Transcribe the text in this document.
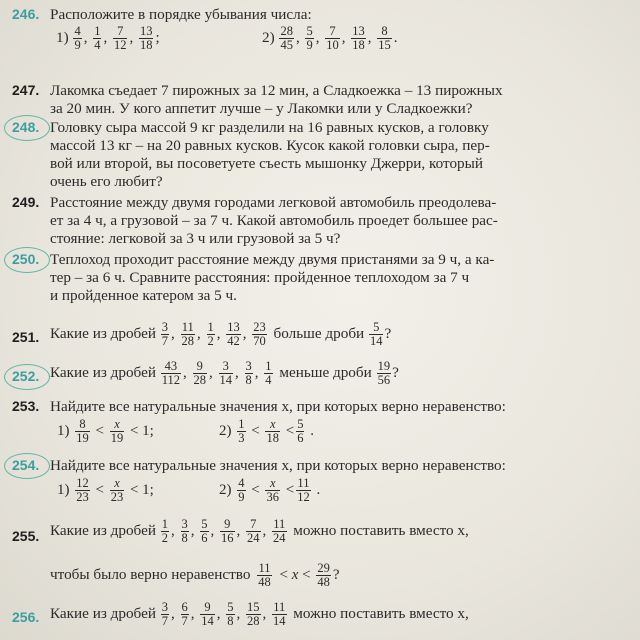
246. Расположите в порядке убывания числа:
$1) \frac{4}{9}$ , $\frac{1}{4}$ , $\frac{7}{12}$ , $\frac{13}{18}$ ;	$2) \frac{28}{45}$ , $\frac{5}{9}$ , $\frac{7}{10}$ , $\frac{13}{18}$ , $\frac{8}{15}$ .
247. Лакомка съедает 7 пирожных за 12 мин, а Сладкоежка – 13 пирожных
за 20 мин. У кого аппетит лучше – у Лакомки или у Сладкоежки?
248. Головку сыра массой 9 кг разделили на 16 равных кусков, а головку
массой 13 кг – на 20 равных кусков. Кусок какой головки сыра, пер-
вой или второй, вы посоветуете съесть мышонку Джерри, который
очень его любит?
249. Расстояние между двумя городами легковой автомобиль преодолева-
ет за 4 ч, а грузовой – за 7 ч. Какой автомобиль проедет большее рас-
стояние: легковой за 3 ч или грузовой за 5 ч?
250. Теплоход проходит расстояние между двумя пристанями за 9 ч, а ка-
тер – за 6 ч. Сравните расстояния: пройденное теплоходом за 7 ч
и пройденное катером за 5 ч.
251. Какие из дробей $\frac{3}{7}$ , $\frac{11}{28}$ , $\frac{1}{2}$ , $\frac{13}{42}$ , $\frac{23}{70}$ больше дроби $\frac{5}{14}$ ?
252. Какие из дробей $\frac{43}{112}$ , $\frac{9}{28}$ , $\frac{3}{14}$ , $\frac{3}{8}$ , $\frac{1}{4}$ меньше дроби $\frac{19}{56}$ ?
253. Найдите все натуральные значения x, при которых верно неравенство:
$1) \frac{8}{19} < \frac{x}{19} < 1$;	$2) \frac{1}{3} < \frac{x}{18} < \frac{5}{6}$ .
254. Найдите все натуральные значения x, при которых верно неравенство:
$1) \frac{12}{23} < \frac{x}{23} < 1$;	$2) \frac{4}{9} < \frac{x}{36} < \frac{11}{12}$ .
255. Какие из дробей $\frac{1}{2}$ , $\frac{3}{8}$ , $\frac{5}{6}$ , $\frac{9}{16}$ , $\frac{7}{24}$ , $\frac{11}{24}$ можно поставить вместо x,
чтобы было верно неравенство $\frac{11}{48} < x < \frac{29}{48}$ ?
256. Какие из дробей $\frac{3}{7}$ , $\frac{6}{7}$ , $\frac{9}{14}$ , $\frac{5}{8}$ , $\frac{15}{28}$ , $\frac{11}{14}$ можно поставить вместо x,
